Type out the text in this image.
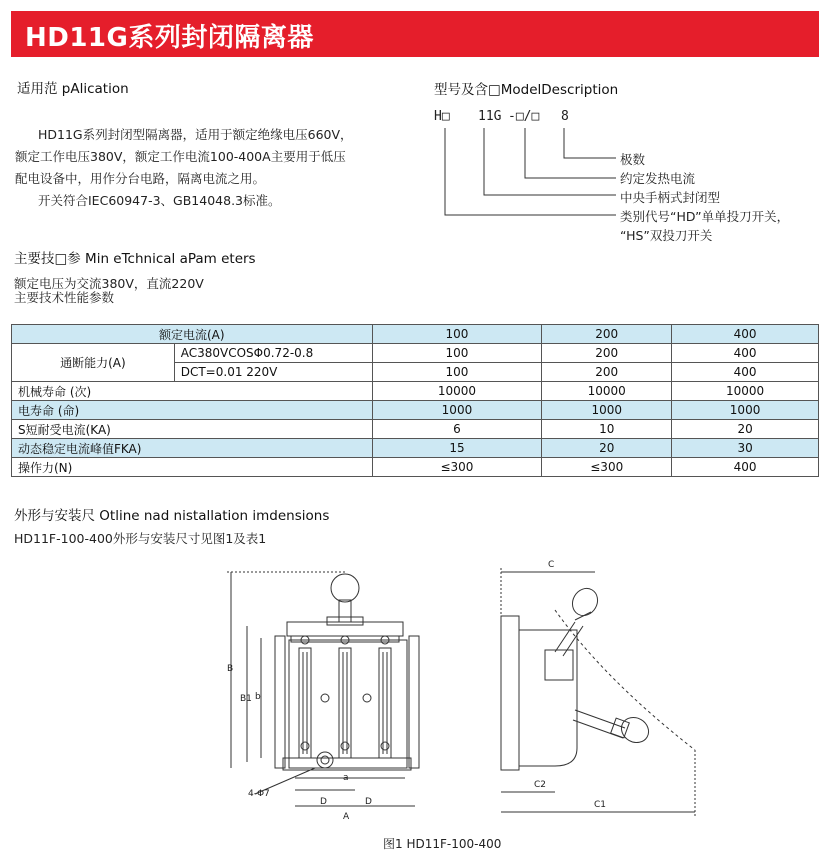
HD11G系列封闭隔离器
适用范 pAlication
HD11G系列封闭型隔离器，适用于额定绝缘电压660V，
额定工作电压380V，额定工作电流100-400A主要用于低压
配电设备中，用作分台电路，隔离电流之用。
开关符合IEC60947-3、GB14048.3标准。
型号及含□ModelDescription
H□ 11G -□/□ 8
极数
约定发热电流
中央手柄式封闭型
类别代号“HD”单单投刀开关，
“HS”双投刀开关
主要技□参 Min eTchnical aPam eters
额定电压为交流380V，直流220V
主要技术性能参数
额定电流(A)		100	200	400
通断能力(A)	AC380VCOSΦ0.72-0.8	100	200	400
	DCT=0.01 220V	100	200	400
机械寿命 (次)		10000	10000	10000
电寿命 (命)		1000	1000	1000
S短耐受电流(KA)		6	10	20
动态稳定电流峰值FKA)		15	20	30
操作力(N)		≤300	≤300	400
外形与安装尺 Otline nad nistallation imdensions
HD11F-100-400外形与安装尺寸见图1及表1
B
B1 b
a
D	D
A
4-Φ7
C
C2
C1
图1 HD11F-100-400
